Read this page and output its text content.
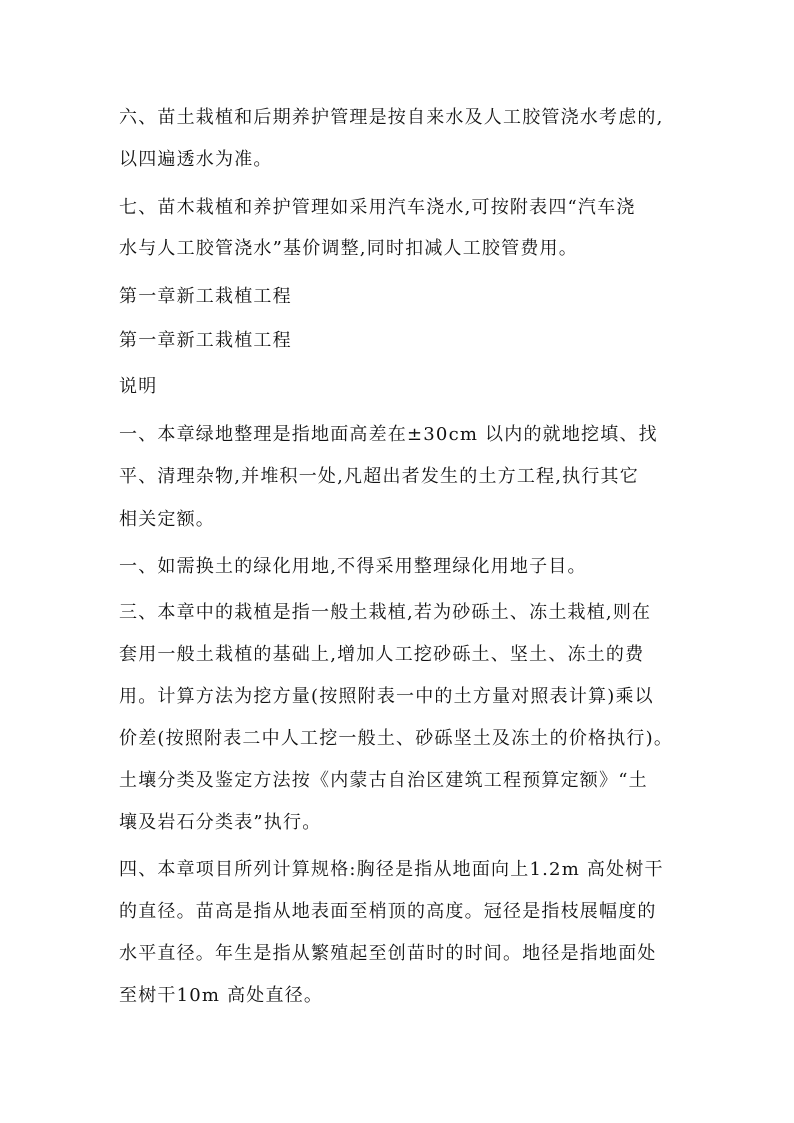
六、苗土栽植和后期养护管理是按自来水及人工胶管浇水考虑的,
以四遍透水为准。
七、苗木栽植和养护管理如采用汽车浇水,可按附表四“汽车浇
水与人工胶管浇水”基价调整,同时扣减人工胶管费用。
第一章新工栽植工程
第一章新工栽植工程
说明
一、本章绿地整理是指地面高差在±30cm 以内的就地挖填、找
平、清理杂物,并堆积一处,凡超出者发生的土方工程,执行其它
相关定额。
一、如需换土的绿化用地,不得采用整理绿化用地子目。
三、本章中的栽植是指一般土栽植,若为砂砾土、冻土栽植,则在
套用一般土栽植的基础上,增加人工挖砂砾土、坚土、冻土的费
用。计算方法为挖方量(按照附表一中的土方量对照表计算)乘以
价差(按照附表二中人工挖一般土、砂砾坚土及冻土的价格执行)。
土壤分类及鉴定方法按《内蒙古自治区建筑工程预算定额》“土
壤及岩石分类表”执行。
四、本章项目所列计算规格:胸径是指从地面向上1.2m 高处树干
的直径。苗高是指从地表面至梢顶的高度。冠径是指枝展幅度的
水平直径。年生是指从繁殖起至创苗时的时间。地径是指地面处
至树干10m 高处直径。
